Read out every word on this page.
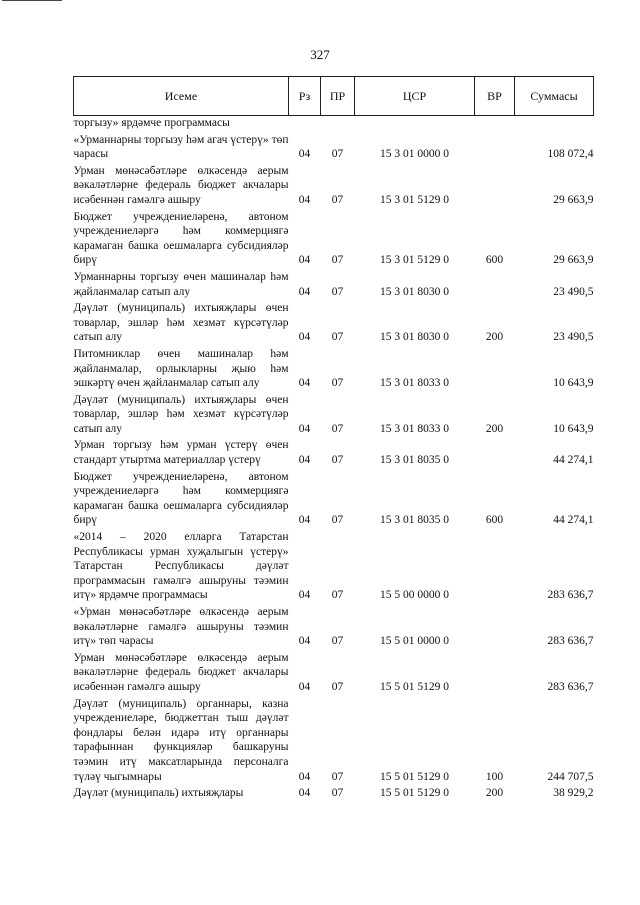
327
Исеме	Рз	ПР	ЦСР	ВР	Суммасы
торгызу» ярдәмче программасы					
«Урманнарны торгызу һәм агач үстерү» төп чарасы	04	07	15 3 01 0000 0		108 072,4
Урман мөнәсәбәтләре өлкәсендә аерым вәкаләтләрне федераль бюджет акчалары исәбеннән гамәлгә ашыру	04	07	15 3 01 5129 0		29 663,9
Бюджет учреждениеләренә, автоном учреждениеләргә һәм коммерциягә карамаган башка оешмаларга субсидияләр бирү	04	07	15 3 01 5129 0	600	29 663,9
Урманнарны торгызу өчен машиналар һәм җайланмалар сатып алу	04	07	15 3 01 8030 0		23 490,5
Дәүләт (муниципаль) ихтыяҗлары өчен товарлар, эшләр һәм хезмәт күрсәтүләр сатып алу	04	07	15 3 01 8030 0	200	23 490,5
Питомниклар өчен машиналар һәм җайланмалар, орлыкларны җыю һәм эшкәртү өчен җайланмалар сатып алу	04	07	15 3 01 8033 0		10 643,9
Дәүләт (муниципаль) ихтыяҗлары өчен товарлар, эшләр һәм хезмәт күрсәтүләр сатып алу	04	07	15 3 01 8033 0	200	10 643,9
Урман торгызу һәм урман үстерү өчен стандарт утыртма материаллар үстерү	04	07	15 3 01 8035 0		44 274,1
Бюджет учреждениеләренә, автоном учреждениеләргә һәм коммерциягә карамаган башка оешмаларга субсидияләр бирү	04	07	15 3 01 8035 0	600	44 274,1
«2014 – 2020 елларга Татарстан Республикасы урман хуҗалыгын үстерү» Татарстан Республикасы дәүләт программасын гамәлгә ашыруны тәэмин итү» ярдәмче программасы	04	07	15 5 00 0000 0		283 636,7
«Урман мөнәсәбәтләре өлкәсендә аерым вәкаләтләрне гамәлгә ашыруны тәэмин итү» төп чарасы	04	07	15 5 01 0000 0		283 636,7
Урман мөнәсәбәтләре өлкәсендә аерым вәкаләтләрне федераль бюджет акчалары исәбеннән гамәлгә ашыру	04	07	15 5 01 5129 0		283 636,7
Дәүләт (муниципаль) органнары, казна учреждениеләре, бюджеттан тыш дәүләт фондлары белән идарә итү органнары тарафыннан функцияләр башкаруны тәэмин итү максатларында персоналга түләү чыгымнары	04	07	15 5 01 5129 0	100	244 707,5
Дәүләт (муниципаль) ихтыяҗлары	04	07	15 5 01 5129 0	200	38 929,2
